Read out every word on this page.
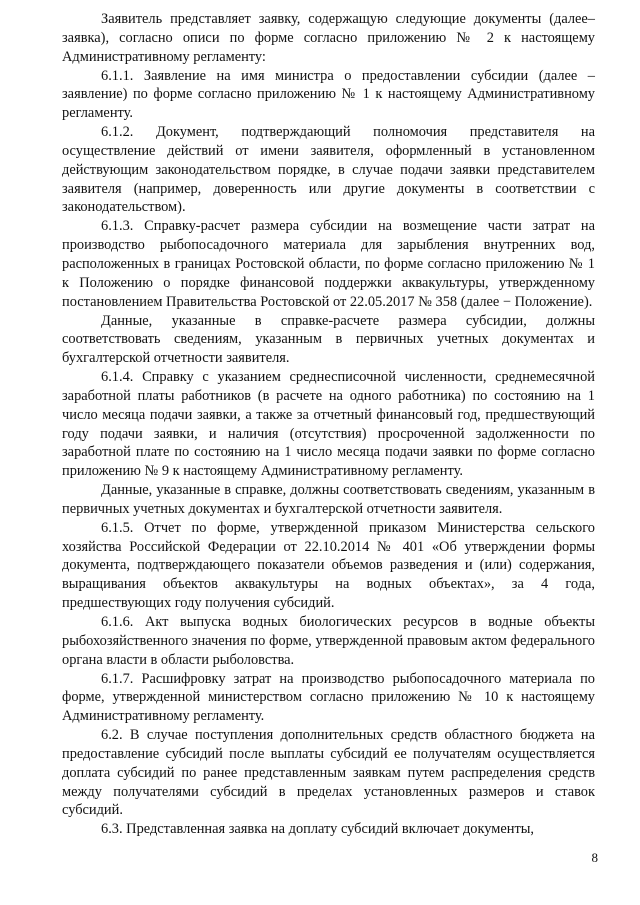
Заявитель представляет заявку, содержащую следующие документы (далее– заявка), согласно описи по форме согласно приложению № 2 к настоящему Административному регламенту:

6.1.1. Заявление на имя министра о предоставлении субсидии (далее – заявление) по форме согласно приложению № 1 к настоящему Административному регламенту.

6.1.2. Документ, подтверждающий полномочия представителя на осуществление действий от имени заявителя, оформленный в установленном действующим законодательством порядке, в случае подачи заявки представителем заявителя (например, доверенность или другие документы в соответствии с законодательством).

6.1.3. Справку-расчет размера субсидии на возмещение части затрат на производство рыбопосадочного материала для зарыбления внутренних вод, расположенных в границах Ростовской области, по форме согласно приложению № 1 к Положению о порядке финансовой поддержки аквакультуры, утвержденному постановлением Правительства Ростовской от 22.05.2017 № 358 (далее − Положение).

Данные, указанные в справке-расчете размера субсидии, должны соответствовать сведениям, указанным в первичных учетных документах и бухгалтерской отчетности заявителя.

6.1.4. Справку с указанием среднесписочной численности, среднемесячной заработной платы работников (в расчете на одного работника) по состоянию на 1 число месяца подачи заявки, а также за отчетный финансовый год, предшествующий году подачи заявки, и наличия (отсутствия) просроченной задолженности по заработной плате по состоянию на 1 число месяца подачи заявки по форме согласно приложению № 9 к настоящему Административному регламенту.

Данные, указанные в справке, должны соответствовать сведениям, указанным в первичных учетных документах и бухгалтерской отчетности заявителя.

6.1.5. Отчет по форме, утвержденной приказом Министерства сельского хозяйства Российской Федерации от 22.10.2014 № 401 «Об утверждении формы документа, подтверждающего показатели объемов разведения и (или) содержания, выращивания объектов аквакультуры на водных объектах», за 4 года, предшествующих году получения субсидий.

6.1.6. Акт выпуска водных биологических ресурсов в водные объекты рыбохозяйственного значения по форме, утвержденной правовым актом федерального органа власти в области рыболовства.

6.1.7. Расшифровку затрат на производство рыбопосадочного материала по форме, утвержденной министерством согласно приложению № 10 к настоящему Административному регламенту.

6.2. В случае поступления дополнительных средств областного бюджета на предоставление субсидий после выплаты субсидий ее получателям осуществляется доплата субсидий по ранее представленным заявкам путем распределения средств между получателями субсидий в пределах установленных размеров и ставок субсидий.

6.3. Представленная заявка на доплату субсидий включает документы,

8
